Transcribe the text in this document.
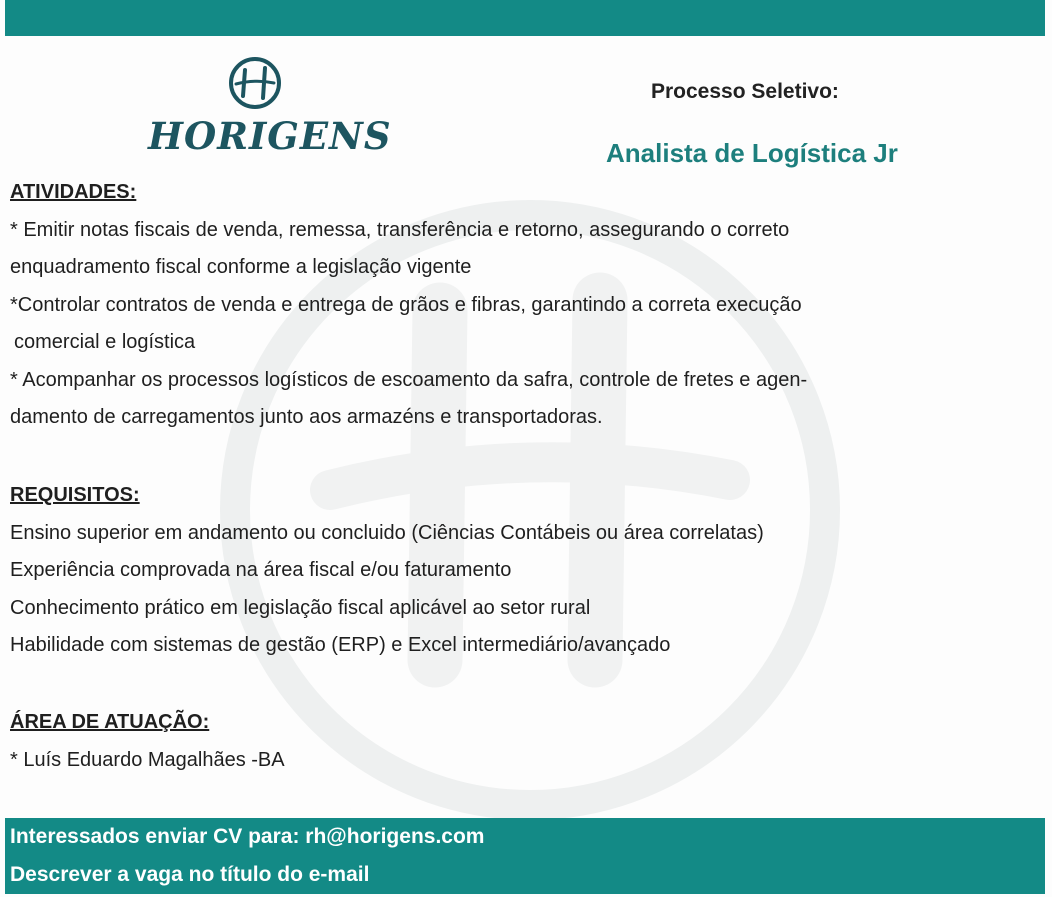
HORIGENS
Processo Seletivo:
Analista de Logística Jr
ATIVIDADES:
* Emitir notas fiscais de venda, remessa, transferência e retorno, assegurando o correto
enquadramento fiscal conforme a legislação vigente
*Controlar contratos de venda e entrega de grãos e fibras, garantindo a correta execução
comercial e logística
* Acompanhar os processos logísticos de escoamento da safra, controle de fretes e agen-
damento de carregamentos junto aos armazéns e transportadoras.
REQUISITOS:
Ensino superior em andamento ou concluido (Ciências Contábeis ou área correlatas)
Experiência comprovada na área fiscal e/ou faturamento
Conhecimento prático em legislação fiscal aplicável ao setor rural
Habilidade com sistemas de gestão (ERP) e Excel intermediário/avançado
ÁREA DE ATUAÇÃO:
* Luís Eduardo Magalhães -BA
Interessados enviar CV para: rh@horigens.com
Descrever a vaga no título do e-mail
